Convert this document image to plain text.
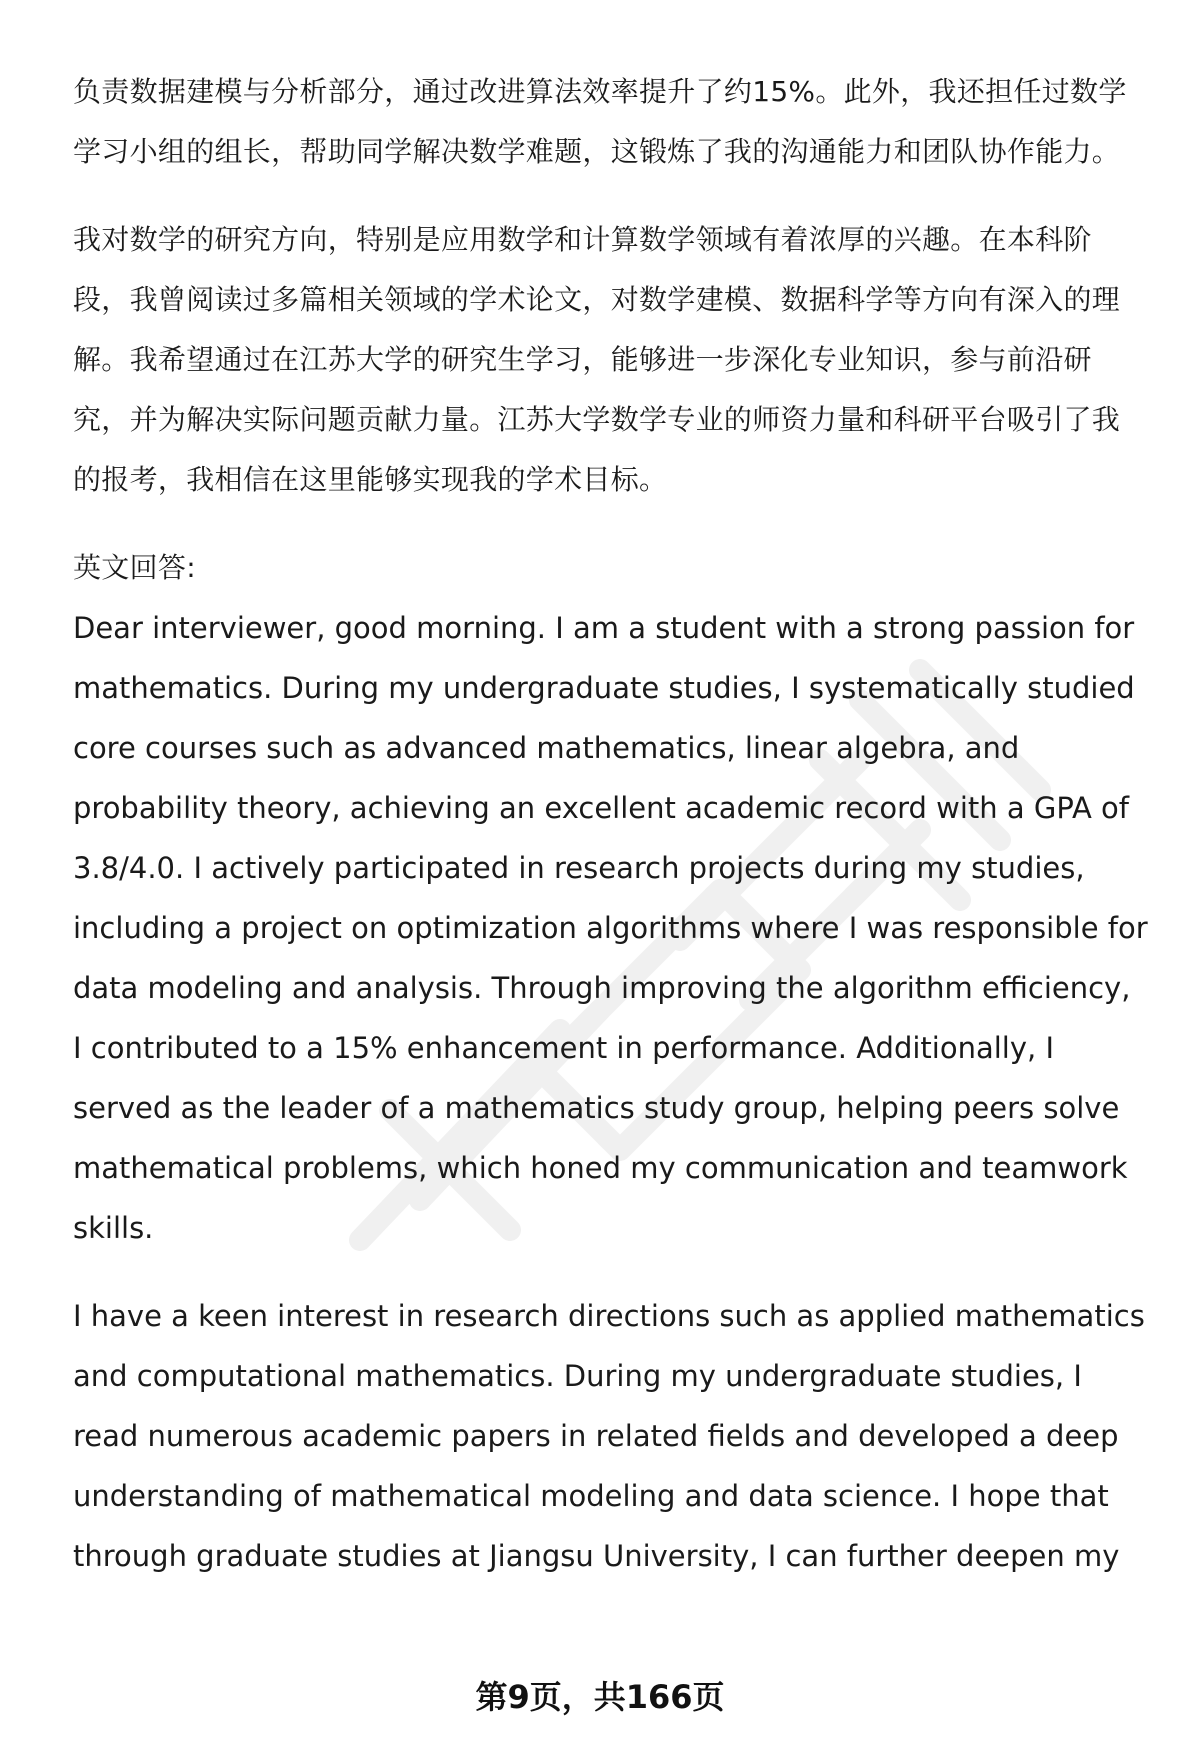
负责数据建模与分析部分，通过改进算法效率提升了约15%。此外，我还担任过数学学习小组的组长，帮助同学解决数学难题，这锻炼了我的沟通能力和团队协作能力。

我对数学的研究方向，特别是应用数学和计算数学领域有着浓厚的兴趣。在本科阶段，我曾阅读过多篇相关领域的学术论文，对数学建模、数据科学等方向有深入的理解。我希望通过在江苏大学的研究生学习，能够进一步深化专业知识，参与前沿研究，并为解决实际问题贡献力量。江苏大学数学专业的师资力量和科研平台吸引了我的报考，我相信在这里能够实现我的学术目标。

英文回答:

Dear interviewer, good morning. I am a student with a strong passion for mathematics. During my undergraduate studies, I systematically studied core courses such as advanced mathematics, linear algebra, and probability theory, achieving an excellent academic record with a GPA of 3.8/4.0. I actively participated in research projects during my studies, including a project on optimization algorithms where I was responsible for data modeling and analysis. Through improving the algorithm efficiency, I contributed to a 15% enhancement in performance. Additionally, I served as the leader of a mathematics study group, helping peers solve mathematical problems, which honed my communication and teamwork skills.

I have a keen interest in research directions such as applied mathematics and computational mathematics. During my undergraduate studies, I read numerous academic papers in related fields and developed a deep understanding of mathematical modeling and data science. I hope that through graduate studies at Jiangsu University, I can further deepen my

第9页，共166页
